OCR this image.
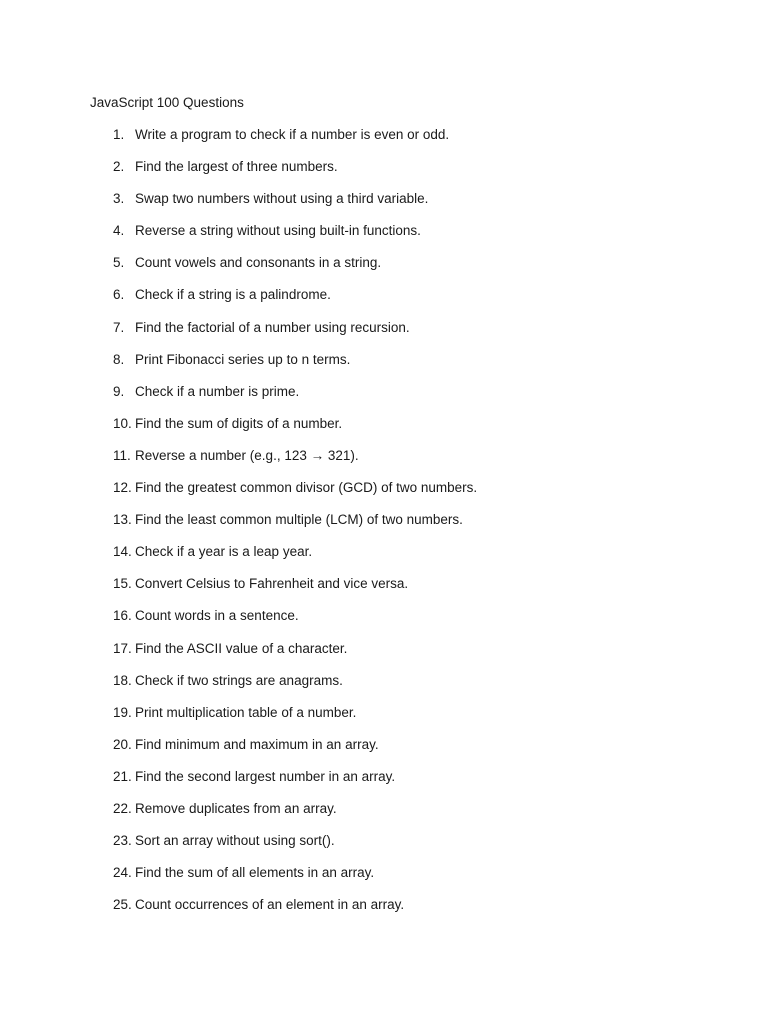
JavaScript 100 Questions
1. Write a program to check if a number is even or odd.
2. Find the largest of three numbers.
3. Swap two numbers without using a third variable.
4. Reverse a string without using built-in functions.
5. Count vowels and consonants in a string.
6. Check if a string is a palindrome.
7. Find the factorial of a number using recursion.
8. Print Fibonacci series up to n terms.
9. Check if a number is prime.
10. Find the sum of digits of a number.
11. Reverse a number (e.g., 123 → 321).
12. Find the greatest common divisor (GCD) of two numbers.
13. Find the least common multiple (LCM) of two numbers.
14. Check if a year is a leap year.
15. Convert Celsius to Fahrenheit and vice versa.
16. Count words in a sentence.
17. Find the ASCII value of a character.
18. Check if two strings are anagrams.
19. Print multiplication table of a number.
20. Find minimum and maximum in an array.
21. Find the second largest number in an array.
22. Remove duplicates from an array.
23. Sort an array without using sort().
24. Find the sum of all elements in an array.
25. Count occurrences of an element in an array.
